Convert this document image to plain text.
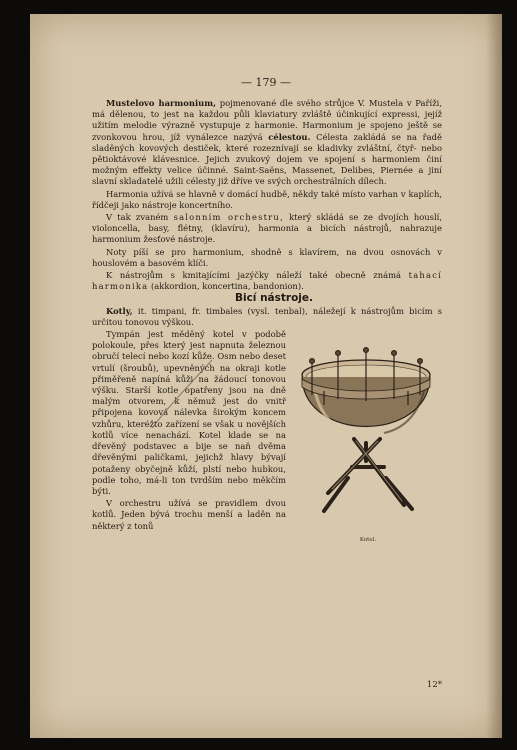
— 179 —

Mustelovo harmonium, pojmenované dle svého strůjce V. Mustela v Paříži, má dělenou, to jest na každou půli klaviatury zvláště účinkující expressi, jejíž užitím melodie výrazně vystupuje z harmonie. Harmonium je spojeno ještě se zvonkovou hrou, jíž vynálezce nazývá célestou. Célesta zakládá se na řadě sladěných kovových destiček, které rozeznívají se kladivky zvláštní, čtyř- nebo pětioktávové klávesnice. Jejich zvukový dojem ve spojení s harmoniem činí možným effekty velice účinné. Saint-Saëns, Massenet, Delibes, Piernée a jiní slavní skladatelé užili célesty již dříve ve svých orchestrálních dílech.

Harmonia užívá se hlavně v domácí hudbě, někdy také místo varhan v kaplích, řídčeji jako nástroje koncertního.

V tak zvaném salonním orchestru, který skládá se ze dvojích houslí, violoncella, basy, flétny, (klavíru), harmonia a bicích nástrojů, nahrazuje harmonium žesťové nástroje.

Noty píší se pro harmonium, shodně s klavírem, na dvou osnovách v houslovém a basovém klíči.

K nástrojům s kmitajícími jazýčky náleží také obecně známá tahací harmonika (akkordion, koncertina, bandonion).

Bicí nástroje.

Kotly, it. timpani, fr. timbales (vysl. tenbal), náležejí k nástrojům bicím s určitou tonovou výškou.

Kotel.

Tympán jest měděný kotel v podobě polokoule, přes který jest napnuta železnou obručí telecí nebo kozí kůže. Osm nebo deset vrtulí (šroubů), upevněných na okraji kotle přiměřeně napíná kůži na žádoucí tonovou výšku. Starší kotle opatřeny jsou na dně malým otvorem, k němuž jest do vnitř připojena kovová nálevka širokým koncem vzhůru, kteréžto zařízení se však u novějších kotlů více nenachází. Kotel klade se na dřevěný podstavec a bije se naň dvěma dřevěnými paličkami, jejichž hlavy bývají potaženy obyčejně kůží, plstí nebo hubkou, podle toho, má-li ton tvrdším nebo měkčím býti.

V orchestru užívá se pravidlem dvou kotlů. Jeden bývá trochu menší a laděn na některý z tonů

12*
